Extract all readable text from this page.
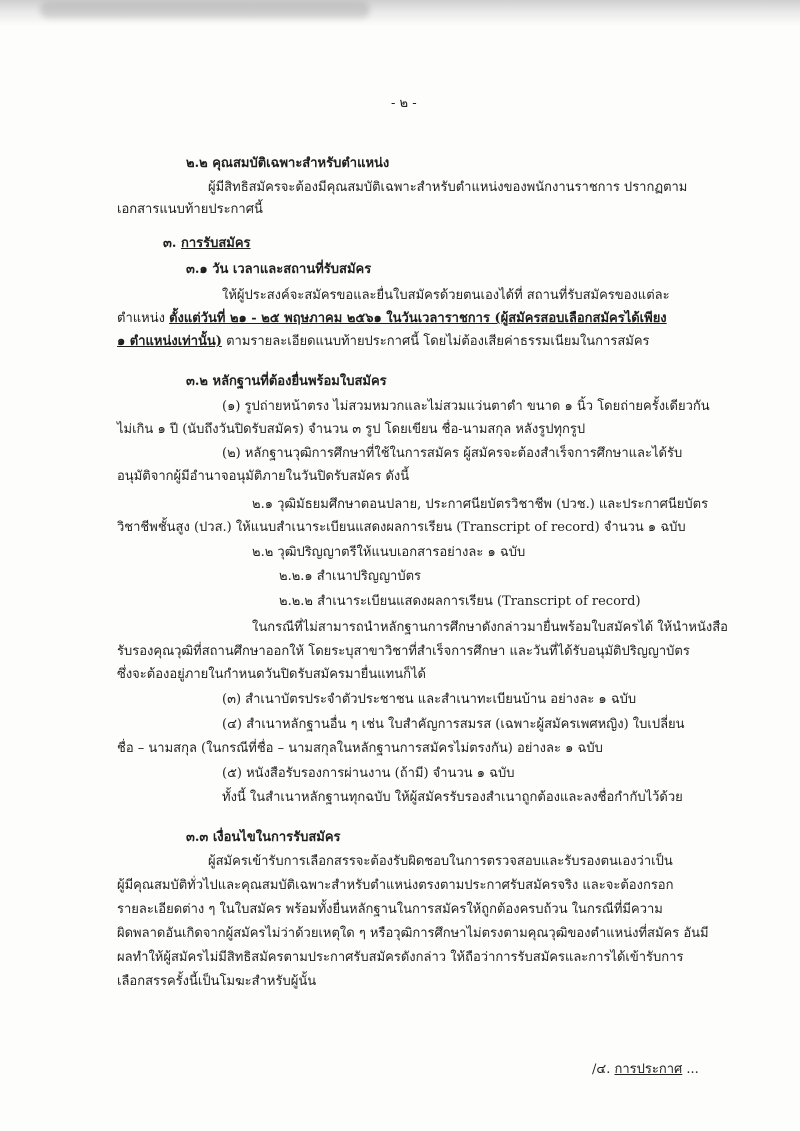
- ๒ -

๒.๒ คุณสมบัติเฉพาะสำหรับตำแหน่ง

ผู้มีสิทธิสมัครจะต้องมีคุณสมบัติเฉพาะสำหรับตำแหน่งของพนักงานราชการ ปรากฏตาม

เอกสารแนบท้ายประกาศนี้

๓. การรับสมัคร

๓.๑ วัน เวลาและสถานที่รับสมัคร

ให้ผู้ประสงค์จะสมัครขอและยื่นใบสมัครด้วยตนเองได้ที่ สถานที่รับสมัครของแต่ละ

ตำแหน่ง ตั้งแต่วันที่ ๒๑ - ๒๕ พฤษภาคม ๒๕๖๑ ในวันเวลาราชการ (ผู้สมัครสอบเลือกสมัครได้เพียง

๑ ตำแหน่งเท่านั้น) ตามรายละเอียดแนบท้ายประกาศนี้ โดยไม่ต้องเสียค่าธรรมเนียมในการสมัคร

๓.๒ หลักฐานที่ต้องยื่นพร้อมใบสมัคร

(๑) รูปถ่ายหน้าตรง ไม่สวมหมวกและไม่สวมแว่นตาดำ ขนาด ๑ นิ้ว โดยถ่ายครั้งเดียวกัน

ไม่เกิน ๑ ปี (นับถึงวันปิดรับสมัคร) จำนวน ๓ รูป โดยเขียน ชื่อ-นามสกุล หลังรูปทุกรูป

(๒) หลักฐานวุฒิการศึกษาที่ใช้ในการสมัคร ผู้สมัครจะต้องสำเร็จการศึกษาและได้รับ

อนุมัติจากผู้มีอำนาจอนุมัติภายในวันปิดรับสมัคร ดังนี้

๒.๑ วุฒิมัธยมศึกษาตอนปลาย, ประกาศนียบัตรวิชาชีพ (ปวช.) และประกาศนียบัตร

วิชาชีพชั้นสูง (ปวส.) ให้แนบสำเนาระเบียนแสดงผลการเรียน (Transcript of record) จำนวน ๑ ฉบับ

๒.๒ วุฒิปริญญาตรีให้แนบเอกสารอย่างละ ๑ ฉบับ

๒.๒.๑ สำเนาปริญญาบัตร

๒.๒.๒ สำเนาระเบียนแสดงผลการเรียน (Transcript of record)

ในกรณีที่ไม่สามารถนำหลักฐานการศึกษาดังกล่าวมายื่นพร้อมใบสมัครได้ ให้นำหนังสือ

รับรองคุณวุฒิที่สถานศึกษาออกให้ โดยระบุสาขาวิชาที่สำเร็จการศึกษา และวันที่ได้รับอนุมัติปริญญาบัตร

ซึ่งจะต้องอยู่ภายในกำหนดวันปิดรับสมัครมายื่นแทนก็ได้

(๓) สำเนาบัตรประจำตัวประชาชน และสำเนาทะเบียนบ้าน อย่างละ ๑ ฉบับ

(๔) สำเนาหลักฐานอื่น ๆ เช่น ใบสำคัญการสมรส (เฉพาะผู้สมัครเพศหญิง) ใบเปลี่ยน

ชื่อ – นามสกุล (ในกรณีที่ชื่อ – นามสกุลในหลักฐานการสมัครไม่ตรงกัน) อย่างละ ๑ ฉบับ

(๕) หนังสือรับรองการผ่านงาน (ถ้ามี) จำนวน ๑ ฉบับ

ทั้งนี้ ในสำเนาหลักฐานทุกฉบับ ให้ผู้สมัครรับรองสำเนาถูกต้องและลงชื่อกำกับไว้ด้วย

๓.๓ เงื่อนไขในการรับสมัคร

ผู้สมัครเข้ารับการเลือกสรรจะต้องรับผิดชอบในการตรวจสอบและรับรองตนเองว่าเป็น

ผู้มีคุณสมบัติทั่วไปและคุณสมบัติเฉพาะสำหรับตำแหน่งตรงตามประกาศรับสมัครจริง และจะต้องกรอก

รายละเอียดต่าง ๆ ในใบสมัคร พร้อมทั้งยื่นหลักฐานในการสมัครให้ถูกต้องครบถ้วน ในกรณีที่มีความ

ผิดพลาดอันเกิดจากผู้สมัครไม่ว่าด้วยเหตุใด ๆ หรือวุฒิการศึกษาไม่ตรงตามคุณวุฒิของตำแหน่งที่สมัคร อันมี

ผลทำให้ผู้สมัครไม่มีสิทธิสมัครตามประกาศรับสมัครดังกล่าว ให้ถือว่าการรับสมัครและการได้เข้ารับการ

เลือกสรรครั้งนี้เป็นโมฆะสำหรับผู้นั้น

/๔. การประกาศ ...
